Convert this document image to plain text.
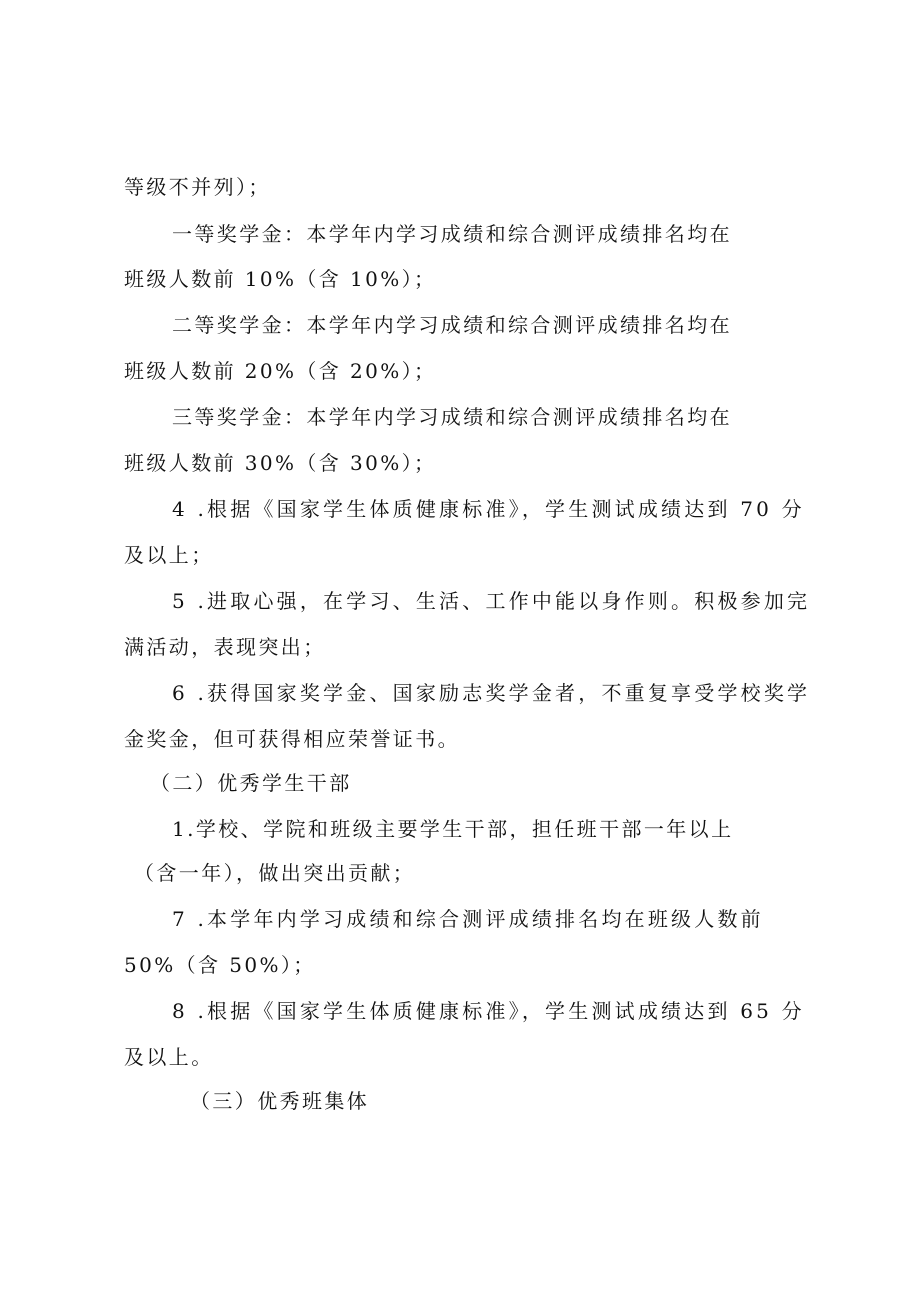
等级不并列）；
一等奖学金：本学年内学习成绩和综合测评成绩排名均在
班级人数前 10%（含 10%）；
二等奖学金：本学年内学习成绩和综合测评成绩排名均在
班级人数前 20%（含 20%）；
三等奖学金：本学年内学习成绩和综合测评成绩排名均在
班级人数前 30%（含 30%）；
4 .根据《国家学生体质健康标准》，学生测试成绩达到 70 分
及以上；
5 .进取心强，在学习、生活、工作中能以身作则。积极参加完
满活动，表现突出；
6 .获得国家奖学金、国家励志奖学金者，不重复享受学校奖学
金奖金，但可获得相应荣誉证书。
（二）优秀学生干部
1.学校、学院和班级主要学生干部，担任班干部一年以上
（含一年），做出突出贡献；
7 .本学年内学习成绩和综合测评成绩排名均在班级人数前
50%（含 50%）；
8 .根据《国家学生体质健康标准》，学生测试成绩达到 65 分
及以上。
（三）优秀班集体
